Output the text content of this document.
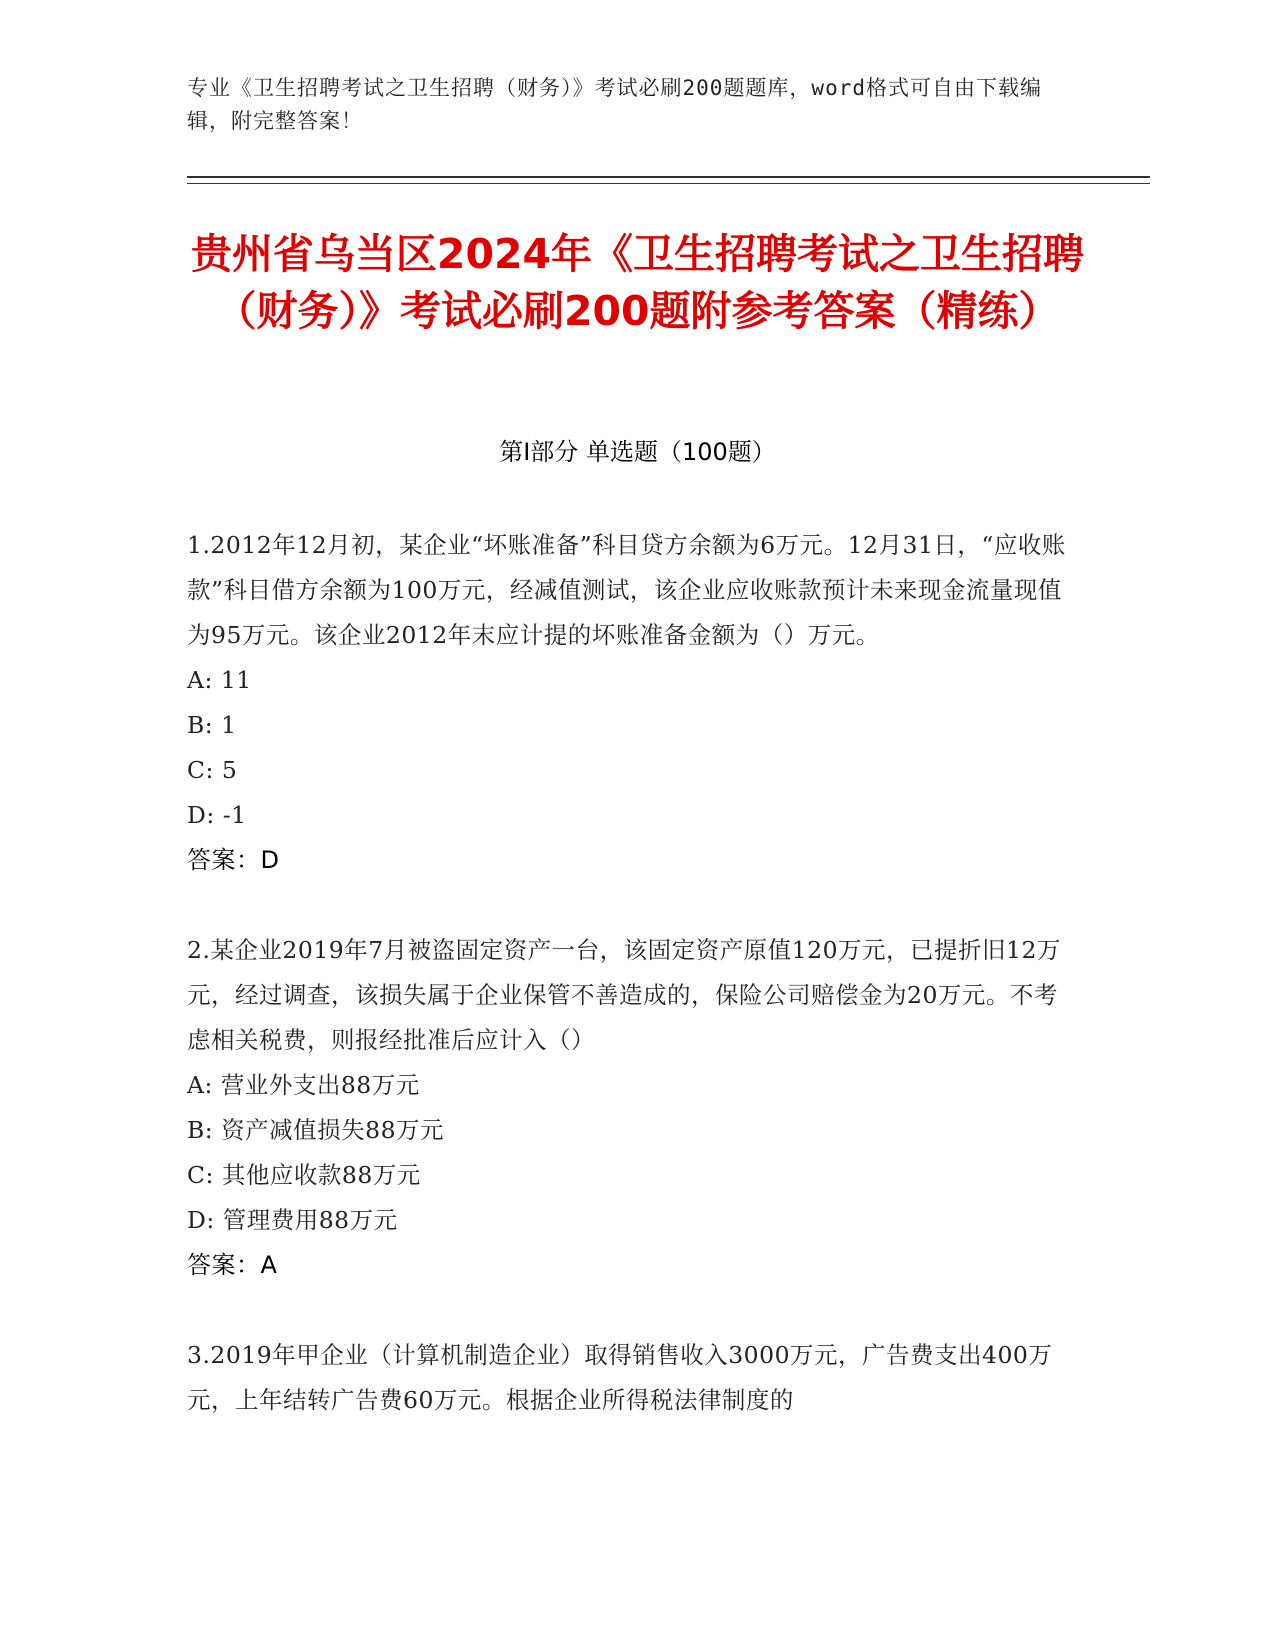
专业《卫生招聘考试之卫生招聘（财务）》考试必刷200题题库，word格式可自由下载编辑，附完整答案！
贵州省乌当区2024年《卫生招聘考试之卫生招聘（财务）》考试必刷200题附参考答案（精练）
第Ⅰ部分 单选题（100题）

1.2012年12月初，某企业“坏账准备”科目贷方余额为6万元。12月31日，“应收账款”科目借方余额为100万元，经减值测试，该企业应收账款预计未来现金流量现值为95万元。该企业2012年末应计提的坏账准备金额为（）万元。

A: 11

B: 1

C: 5

D: -1

答案：D

2.某企业2019年7月被盗固定资产一台，该固定资产原值120万元，已提折旧12万元，经过调查，该损失属于企业保管不善造成的，保险公司赔偿金为20万元。不考虑相关税费，则报经批准后应计入（）

A: 营业外支出88万元

B: 资产减值损失88万元

C: 其他应收款88万元

D: 管理费用88万元

答案：A

3.2019年甲企业（计算机制造企业）取得销售收入3000万元，广告费支出400万元，上年结转广告费60万元。根据企业所得税法律制度的
